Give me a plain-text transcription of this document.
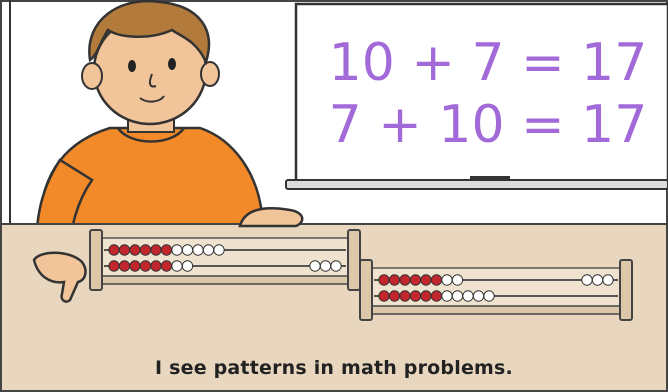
10 + 7 = 17
7 + 10 = 17
I see patterns in math problems.
